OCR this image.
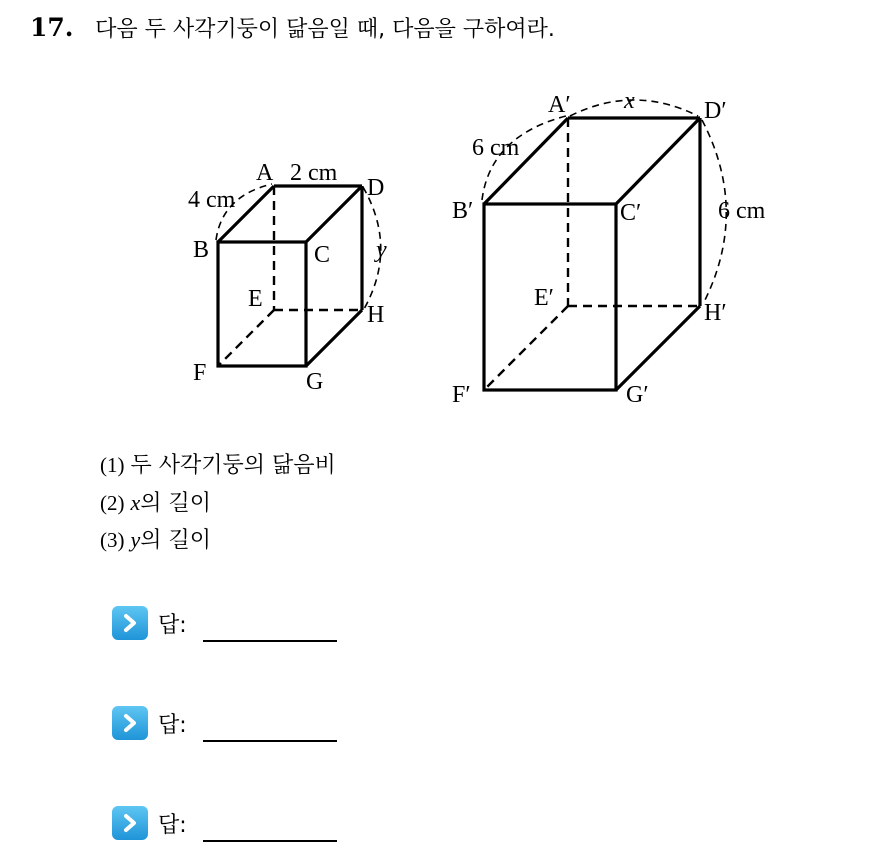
17. 다음 두 사각기둥이 닮음일 때, 다음을 구하여라.
A
B	C
D
E
F	G
H
2 cm
4 cm
y
A′
B′	C′
D′
E′
F′	G′
H′
x
6 cm
6 cm
(1) 두 사각기둥의 닮음비
(2) x의 길이
(3) y의 길이
답:
답:
답:
